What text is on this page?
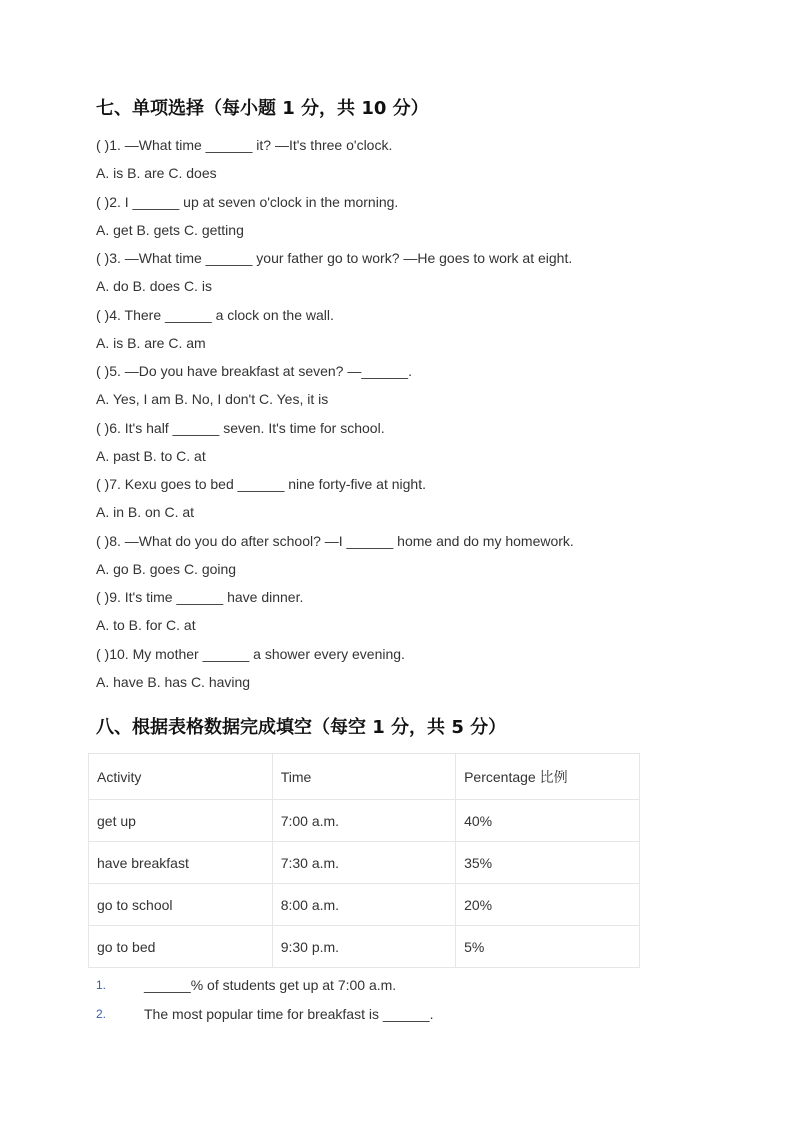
七、单项选择（每小题 1 分，共 10 分）
( )1. —What time ______ it? —It's three o'clock.
A. is B. are C. does
( )2. I ______ up at seven o'clock in the morning.
A. get B. gets C. getting
( )3. —What time ______ your father go to work? —He goes to work at eight.
A. do B. does C. is
( )4. There ______ a clock on the wall.
A. is B. are C. am
( )5. —Do you have breakfast at seven? —______.
A. Yes, I am B. No, I don't C. Yes, it is
( )6. It's half ______ seven. It's time for school.
A. past B. to C. at
( )7. Kexu goes to bed ______ nine forty-five at night.
A. in B. on C. at
( )8. —What do you do after school? —I ______ home and do my homework.
A. go B. goes C. going
( )9. It's time ______ have dinner.
A. to B. for C. at
( )10. My mother ______ a shower every evening.
A. have B. has C. having
八、根据表格数据完成填空（每空 1 分，共 5 分）
Activity	Time	Percentage 比例
get up	7:00 a.m.	40%
have breakfast	7:30 a.m.	35%
go to school	8:00 a.m.	20%
go to bed	9:30 p.m.	5%
1.	______% of students get up at 7:00 a.m.
2.	The most popular time for breakfast is ______.
